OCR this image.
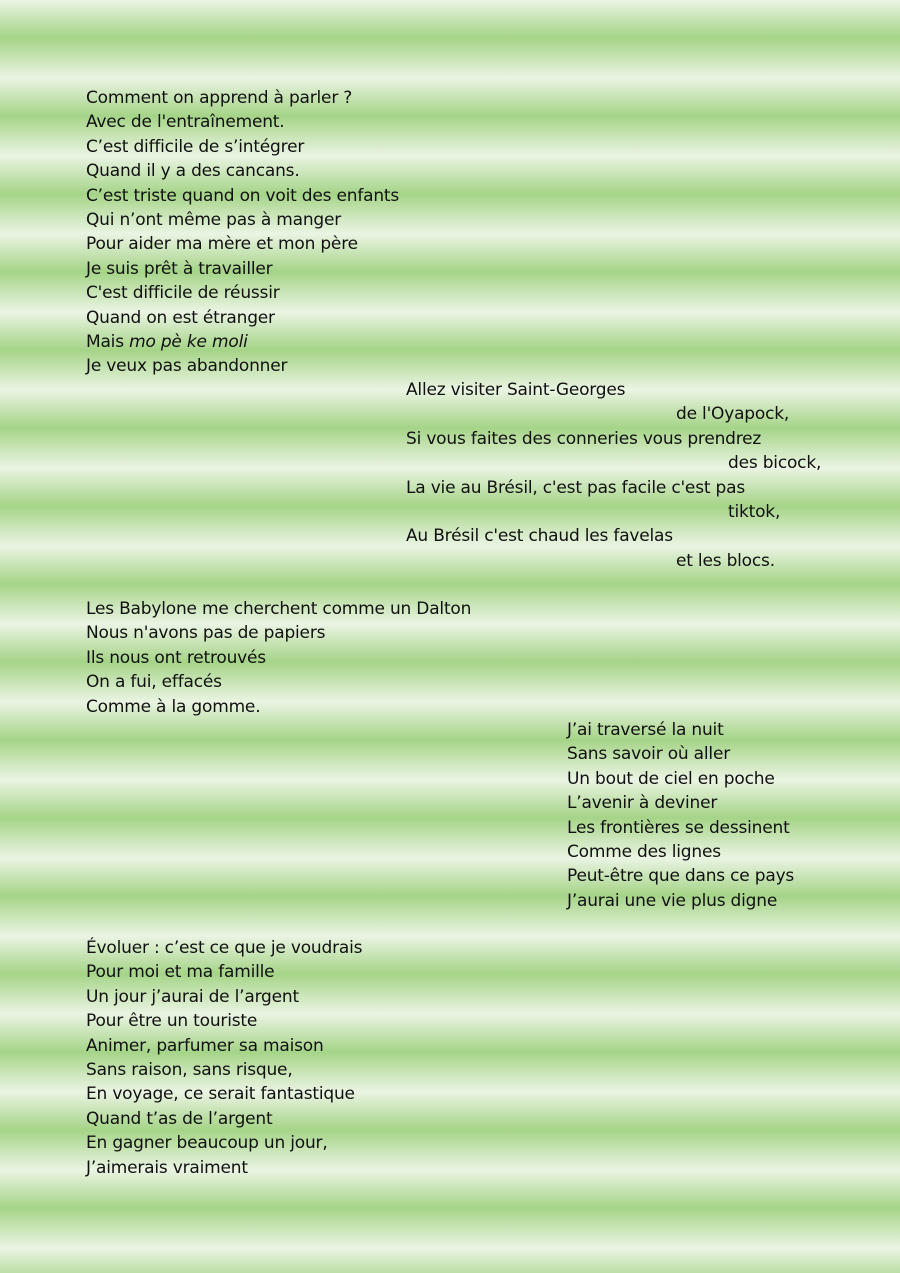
Comment on apprend à parler ?
Avec de l'entraînement.
C’est difficile de s’intégrer
Quand il y a des cancans.
C’est triste quand on voit des enfants
Qui n’ont même pas à manger
Pour aider ma mère et mon père
Je suis prêt à travailler
C'est difficile de réussir
Quand on est étranger
Mais mo pè ke moli
Je veux pas abandonner
Allez visiter Saint-Georges
de l'Oyapock,
Si vous faites des conneries vous prendrez
des bicock,
La vie au Brésil, c'est pas facile c'est pas
tiktok,
Au Brésil c'est chaud les favelas
et les blocs.
Les Babylone me cherchent comme un Dalton
Nous n'avons pas de papiers
Ils nous ont retrouvés
On a fui, effacés
Comme à la gomme.
J’ai traversé la nuit
Sans savoir où aller
Un bout de ciel en poche
L’avenir à deviner
Les frontières se dessinent
Comme des lignes
Peut-être que dans ce pays
J’aurai une vie plus digne
Évoluer : c’est ce que je voudrais
Pour moi et ma famille
Un jour j’aurai de l’argent
Pour être un touriste
Animer, parfumer sa maison
Sans raison, sans risque,
En voyage, ce serait fantastique
Quand t’as de l’argent
En gagner beaucoup un jour,
J’aimerais vraiment
